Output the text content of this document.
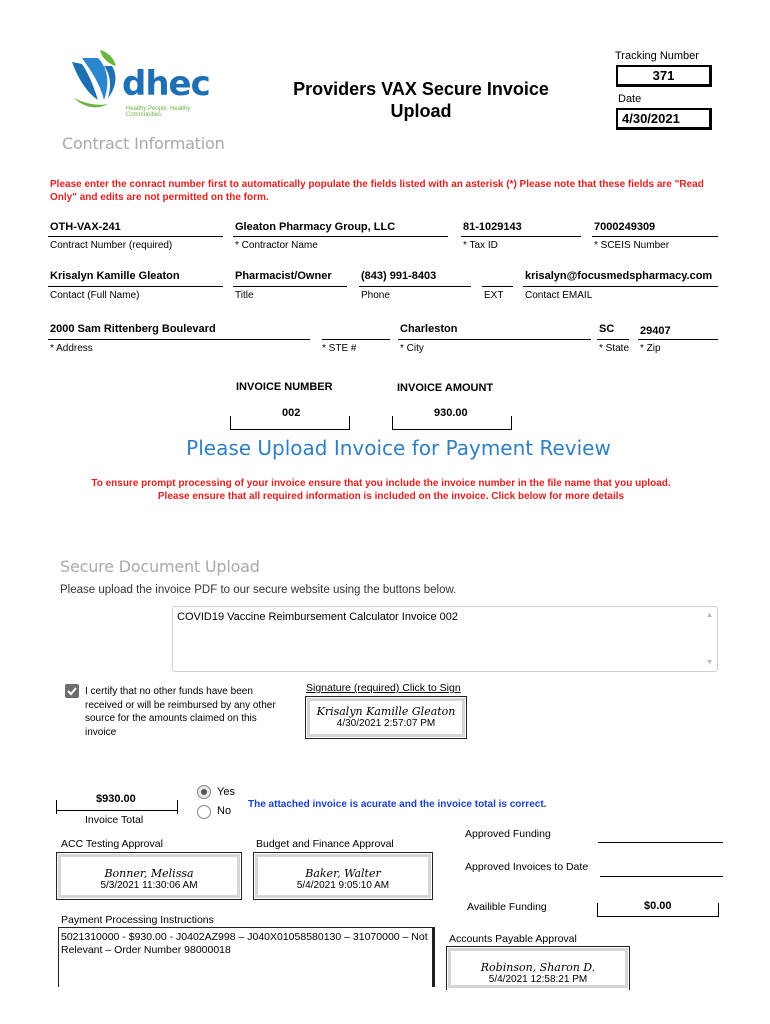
dhec
Healthy People. Healthy Communities.
Providers VAX Secure Invoice
Upload
Tracking Number
371
Date
4/30/2021
Contract Information
Please enter the conract number first to automatically populate the fields listed with an asterisk (*) Please note that these fields are "Read Only" and edits are not permitted on the form.
OTH-VAX-241
Contract Number (required)
Gleaton Pharmacy Group, LLC
* Contractor Name
81-1029143
* Tax ID
7000249309
* SCEIS Number
Krisalyn Kamille Gleaton
Contact (Full Name)
Pharmacist/Owner
Title
(843) 991-8403
Phone	EXT
krisalyn@focusmedspharmacy.com
Contact EMAIL
2000 Sam Rittenberg Boulevard
* Address	* STE #
Charleston
* City
SC
* State
29407
* Zip
INVOICE NUMBER
002
INVOICE AMOUNT
930.00
Please Upload Invoice for Payment Review
To ensure prompt processing of your invoice ensure that you include the invoice number in the file name that you upload.
Please ensure that all required information is included on the invoice. Click below for more details
Secure Document Upload
Please upload the invoice PDF to our secure website using the buttons below.
COVID19 Vaccine Reimbursement Calculator Invoice 002	▲
▼
I certify that no other funds have been received or will be reimbursed by any other source for the amounts claimed on this invoice
Signature (required) Click to Sign
Krisalyn Kamille Gleaton
4/30/2021 2:57:07 PM
$930.00
Invoice Total
Yes
No
The attached invoice is acurate and the invoice total is correct.
ACC Testing Approval
Bonner, Melissa
5/3/2021 11:30:06 AM
Budget and Finance Approval
Baker, Walter
5/4/2021 9:05:10 AM
Approved Funding
Approved Invoices to Date
Availible Funding	$0.00
Payment Processing Instructions
5021310000 - $930.00 - J0402AZ998 – J040X01058580130 – 31070000 – Not Relevant – Order Number 98000018
Accounts Payable Approval
Robinson, Sharon D.
5/4/2021 12:58:21 PM
